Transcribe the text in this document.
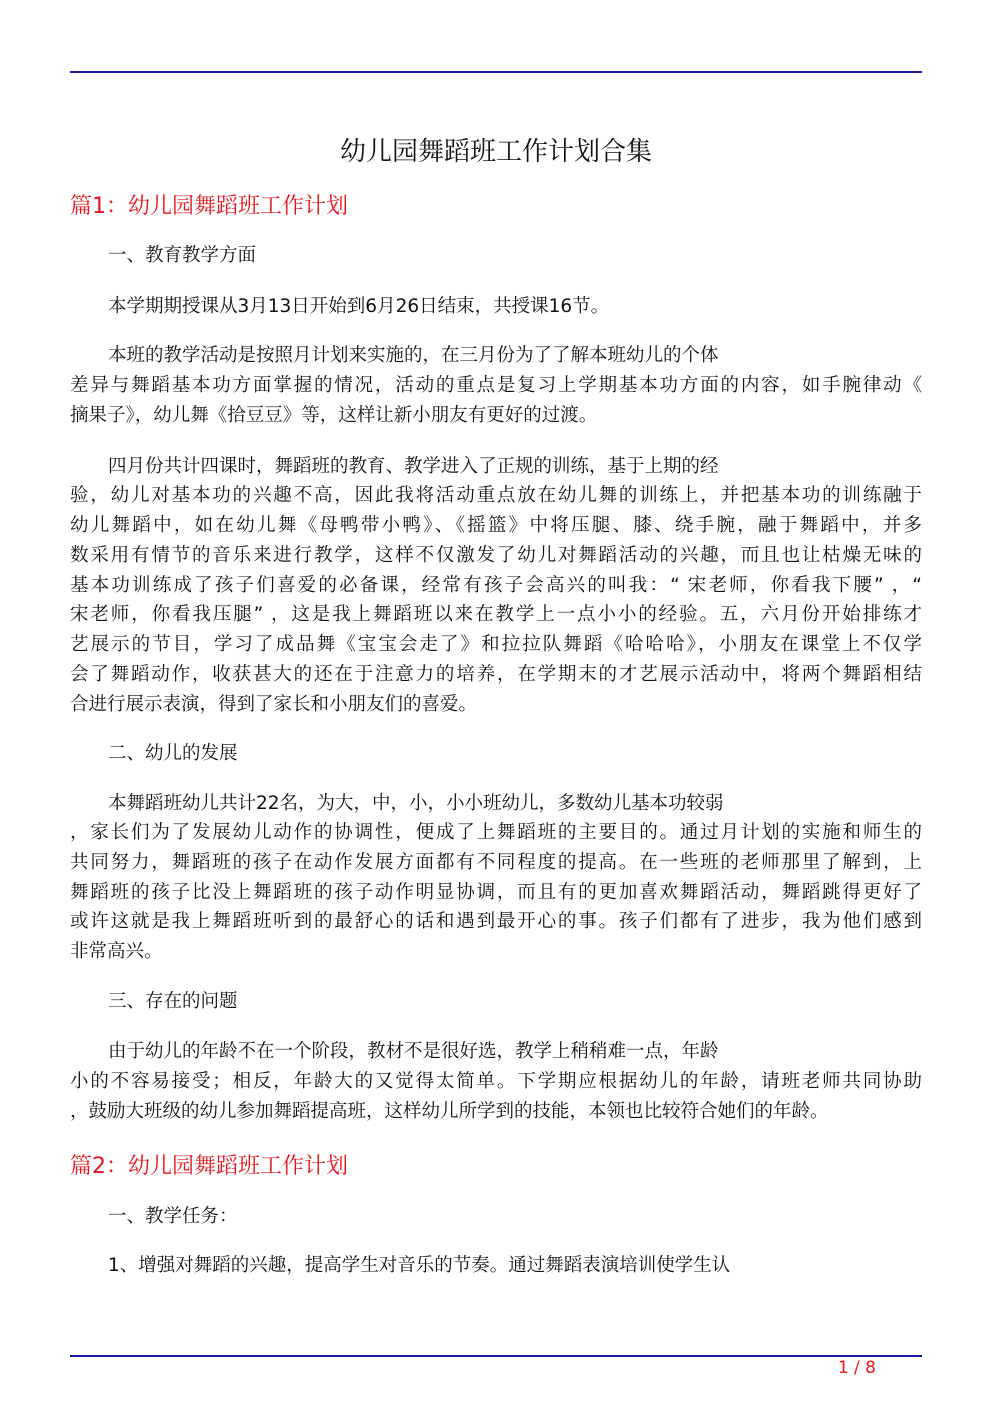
幼儿园舞蹈班工作计划合集
篇1：幼儿园舞蹈班工作计划
篇2：幼儿园舞蹈班工作计划
一、教育教学方面
本学期期授课从3月13日开始到6月26日结束，共授课16节。
本班的教学活动是按照月计划来实施的，在三月份为了了解本班幼儿的个体
差异与舞蹈基本功方面掌握的情况，活动的重点是复习上学期基本功方面的内容，如手腕律动《
摘果子》，幼儿舞《拾豆豆》等，这样让新小朋友有更好的过渡。
四月份共计四课时，舞蹈班的教育、教学进入了正规的训练，基于上期的经
验，幼儿对基本功的兴趣不高，因此我将活动重点放在幼儿舞的训练上，并把基本功的训练融于
幼儿舞蹈中，如在幼儿舞《母鸭带小鸭》、《摇篮》中将压腿、膝、绕手腕，融于舞蹈中，并多
数采用有情节的音乐来进行教学，这样不仅激发了幼儿对舞蹈活动的兴趣，而且也让枯燥无味的
基本功训练成了孩子们喜爱的必备课，经常有孩子会高兴的叫我：“ 宋老师，你看我下腰” ，“
宋老师，你看我压腿” ，这是我上舞蹈班以来在教学上一点小小的经验。五，六月份开始排练才
艺展示的节目，学习了成品舞《宝宝会走了》和拉拉队舞蹈《哈哈哈》，小朋友在课堂上不仅学
会了舞蹈动作，收获甚大的还在于注意力的培养，在学期末的才艺展示活动中，将两个舞蹈相结
合进行展示表演，得到了家长和小朋友们的喜爱。
二、幼儿的发展
本舞蹈班幼儿共计22名，为大，中，小，小小班幼儿，多数幼儿基本功较弱
，家长们为了发展幼儿动作的协调性，便成了上舞蹈班的主要目的。通过月计划的实施和师生的
共同努力，舞蹈班的孩子在动作发展方面都有不同程度的提高。在一些班的老师那里了解到，上
舞蹈班的孩子比没上舞蹈班的孩子动作明显协调，而且有的更加喜欢舞蹈活动，舞蹈跳得更好了
或许这就是我上舞蹈班听到的最舒心的话和遇到最开心的事。孩子们都有了进步，我为他们感到
非常高兴。
三、存在的问题
由于幼儿的年龄不在一个阶段，教材不是很好选，教学上稍稍难一点，年龄
小的不容易接受；相反，年龄大的又觉得太简单。下学期应根据幼儿的年龄，请班老师共同协助
，鼓励大班级的幼儿参加舞蹈提高班，这样幼儿所学到的技能，本领也比较符合她们的年龄。
一、教学任务：
1、增强对舞蹈的兴趣，提高学生对音乐的节奏。通过舞蹈表演培训使学生认
1 / 8
